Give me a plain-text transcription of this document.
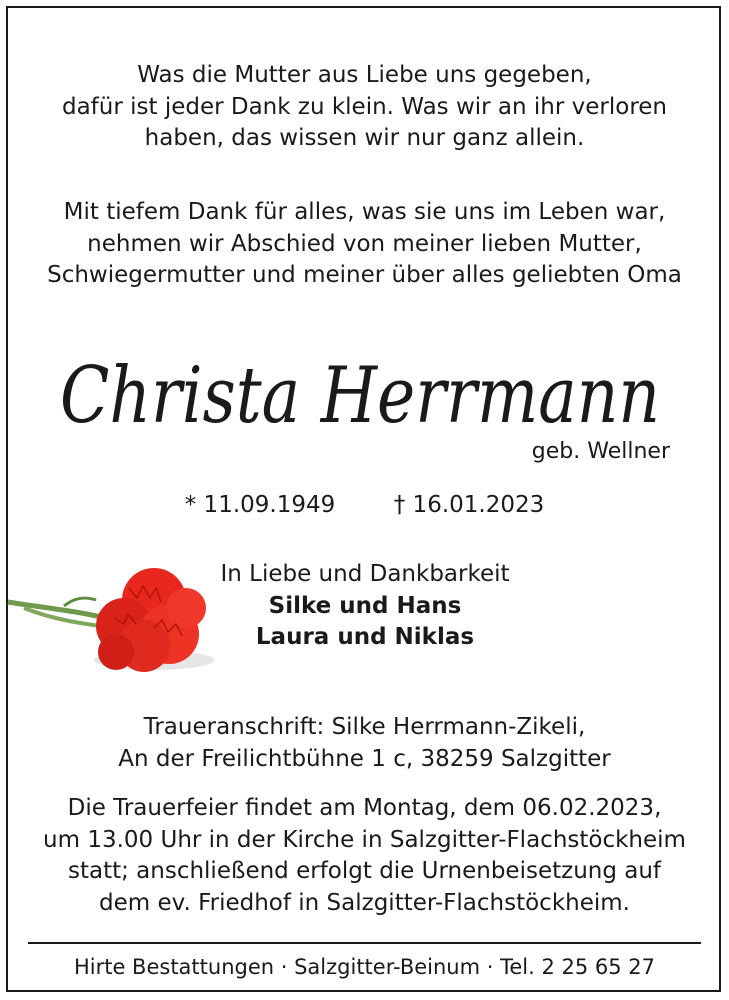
Was die Mutter aus Liebe uns gegeben,
dafür ist jeder Dank zu klein. Was wir an ihr verloren
haben, das wissen wir nur ganz allein.
Mit tiefem Dank für alles, was sie uns im Leben war,
nehmen wir Abschied von meiner lieben Mutter,
Schwiegermutter und meiner über alles geliebten Oma
Christa Herrmann
geb. Wellner
* 11.09.1949	† 16.01.2023
In Liebe und Dankbarkeit
Silke und Hans
Laura und Niklas
Traueranschrift: Silke Herrmann-Zikeli,
An der Freilichtbühne 1 c, 38259 Salzgitter
Die Trauerfeier findet am Montag, dem 06.02.2023,
um 13.00 Uhr in der Kirche in Salzgitter-Flachstöckheim
statt; anschließend erfolgt die Urnenbeisetzung auf
dem ev. Friedhof in Salzgitter-Flachstöckheim.
Hirte Bestattungen · Salzgitter-Beinum · Tel. 2 25 65 27
